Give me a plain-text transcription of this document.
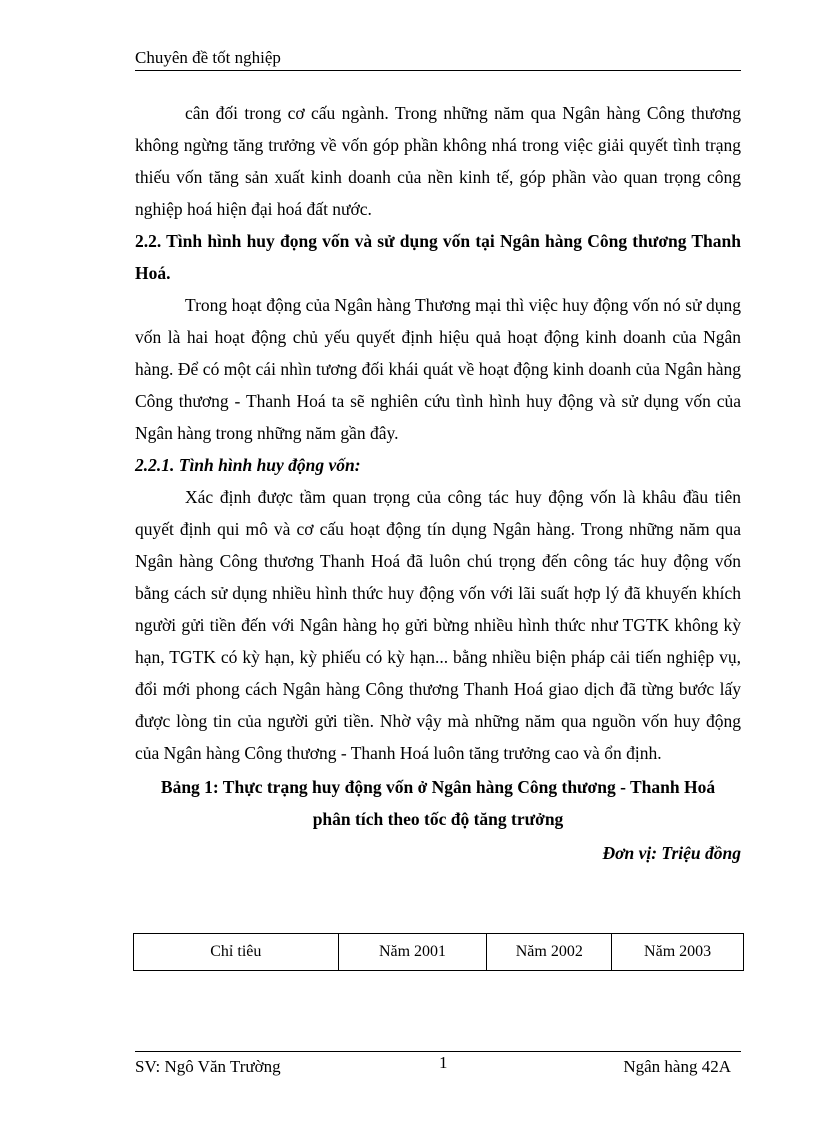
Chuyên đề tốt nghiệp

cân đối trong cơ cấu ngành. Trong những năm qua Ngân hàng Công thương không ngừng tăng trưởng về vốn góp phần không nhá trong việc giải quyết tình trạng thiếu vốn tăng sản xuất kinh doanh của nền kinh tế, góp phần vào quan trọng công nghiệp hoá hiện đại hoá đất nước.

2.2. Tình hình huy đọng vốn và sử dụng vốn tại Ngân hàng Công thương Thanh Hoá.

Trong hoạt động của Ngân hàng Thương mại thì việc huy động vốn nó sử dụng vốn là hai hoạt động chủ yếu quyết định hiệu quả hoạt động kinh doanh của Ngân hàng. Để có một cái nhìn tương đối khái quát về hoạt động kinh doanh của Ngân hàng Công thương - Thanh Hoá ta sẽ nghiên cứu tình hình huy động và sử dụng vốn của Ngân hàng trong những năm gần đây.

2.2.1. Tình hình huy động vốn:

Xác định được tầm quan trọng của công tác huy động vốn là khâu đầu tiên quyết định qui mô và cơ cấu hoạt động tín dụng Ngân hàng. Trong những năm qua Ngân hàng Công thương Thanh Hoá đã luôn chú trọng đến công tác huy động vốn bằng cách sử dụng nhiều hình thức huy động vốn với lãi suất hợp lý đã khuyến khích người gửi tiền đến với Ngân hàng họ gửi bừng nhiều hình thức như TGTK không kỳ hạn, TGTK có kỳ hạn, kỳ phiếu có kỳ hạn... bằng nhiều biện pháp cải tiến nghiệp vụ, đổi mới phong cách Ngân hàng Công thương Thanh Hoá giao dịch đã từng bước lấy được lòng tin của người gửi tiền. Nhờ vậy mà những năm qua nguồn vốn huy động của Ngân hàng Công thương - Thanh Hoá luôn tăng trưởng cao và ổn định.

Bảng 1: Thực trạng huy động vốn ở Ngân hàng Công thương - Thanh Hoá phân tích theo tốc độ tăng trưởng

Đơn vị: Triệu đồng

Chỉ tiêu	Năm 2001	Năm 2002	Năm 2003
SV: Ngô Văn Trường	1	Ngân hàng 42A
